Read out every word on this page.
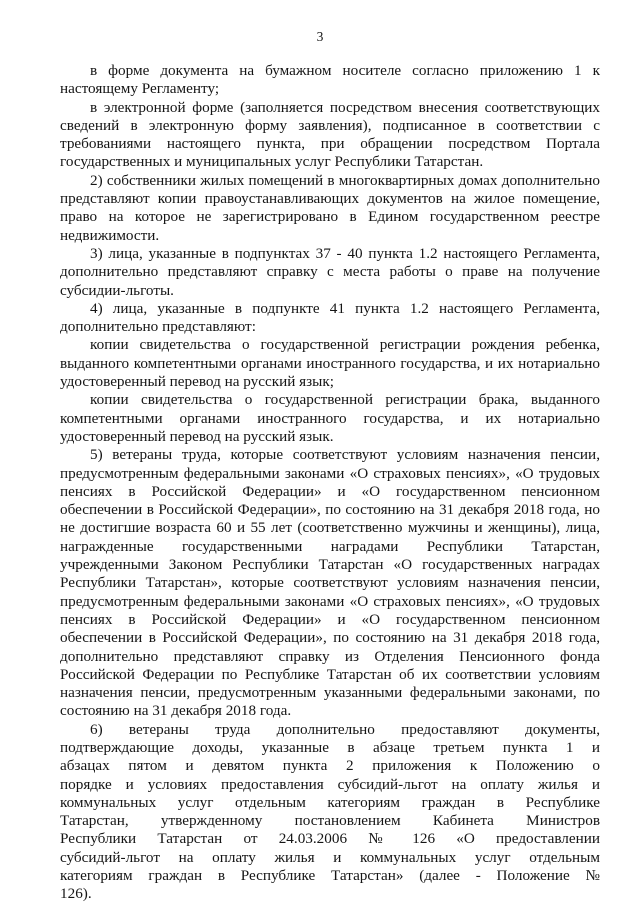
3

в форме документа на бумажном носителе согласно приложению 1 к настоящему Регламенту;

в электронной форме (заполняется посредством внесения соответствующих сведений в электронную форму заявления), подписанное в соответствии с требованиями настоящего пункта, при обращении посредством Портала государственных и муниципальных услуг Республики Татарстан.

2) собственники жилых помещений в многоквартирных домах дополнительно представляют копии правоустанавливающих документов на жилое помещение, право на которое не зарегистрировано в Едином государственном реестре недвижимости.

3) лица, указанные в подпунктах 37 - 40 пункта 1.2 настоящего Регламента, дополнительно представляют справку с места работы о праве на получение субсидии-льготы.

4) лица, указанные в подпункте 41 пункта 1.2 настоящего Регламента, дополнительно представляют:

копии свидетельства о государственной регистрации рождения ребенка, выданного компетентными органами иностранного государства, и их нотариально удостоверенный перевод на русский язык;

копии свидетельства о государственной регистрации брака, выданного компетентными органами иностранного государства, и их нотариально удостоверенный перевод на русский язык.

5) ветераны труда, которые соответствуют условиям назначения пенсии, предусмотренным федеральными законами «О страховых пенсиях», «О трудовых пенсиях в Российской Федерации» и «О государственном пенсионном обеспечении в Российской Федерации», по состоянию на 31 декабря 2018 года, но не достигшие возраста 60 и 55 лет (соответственно мужчины и женщины), лица, награжденные государственными наградами Республики Татарстан, учрежденными Законом Республики Татарстан «О государственных наградах Республики Татарстан», которые соответствуют условиям назначения пенсии, предусмотренным федеральными законами «О страховых пенсиях», «О трудовых пенсиях в Российской Федерации» и «О государственном пенсионном обеспечении в Российской Федерации», по состоянию на 31 декабря 2018 года, дополнительно представляют справку из Отделения Пенсионного фонда Российской Федерации по Республике Татарстан об их соответствии условиям назначения пенсии, предусмотренным указанными федеральными законами, по состоянию на 31 декабря 2018 года.

6) ветераны труда дополнительно предоставляют документы, подтверждающие доходы, указанные в абзаце третьем пункта 1 и абзацах пятом и девятом пункта 2 приложения к Положению о порядке и условиях предоставления субсидий-льгот на оплату жилья и коммунальных услуг отдельным категориям граждан в Республике Татарстан, утвержденному постановлением Кабинета Министров Республики Татарстан от 24.03.2006 № 126 «О предоставлении субсидий-льгот на оплату жилья и коммунальных услуг отдельным категориям граждан в Республике Татарстан» (далее - Положение № 126).
